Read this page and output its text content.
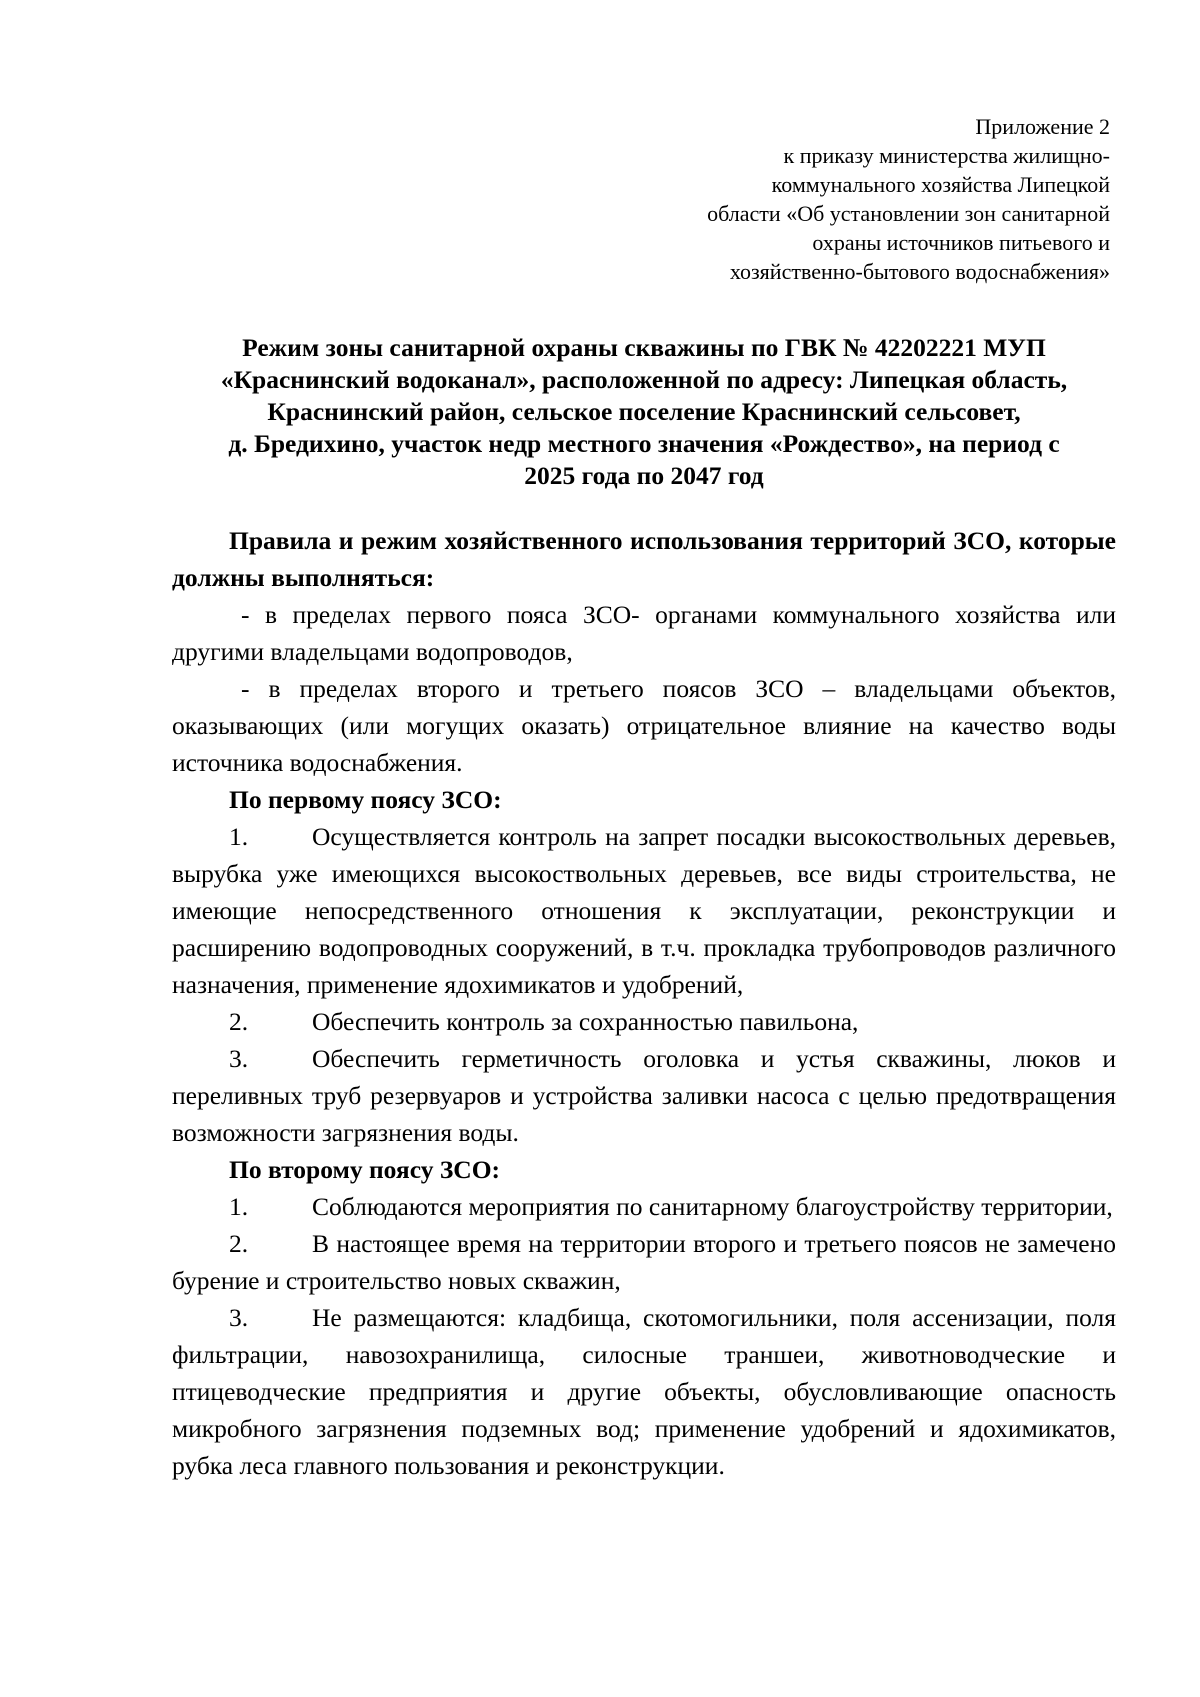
Приложение 2
к приказу министерства жилищно-
коммунального хозяйства Липецкой
области «Об установлении зон санитарной
охраны источников питьевого и
хозяйственно-бытового водоснабжения»
Режим зоны санитарной охраны скважины по ГВК № 42202221 МУП
«Краснинский водоканал», расположенной по адресу: Липецкая область,
Краснинский район, сельское поселение Краснинский сельсовет,
д. Бредихино, участок недр местного значения «Рождество», на период с
2025 года по 2047 год

Правила и режим хозяйственного использования территорий ЗСО, которые должны выполняться:

- в пределах первого пояса ЗСО- органами коммунального хозяйства или другими владельцами водопроводов,

- в пределах второго и третьего поясов ЗСО – владельцами объектов, оказывающих (или могущих оказать) отрицательное влияние на качество воды источника водоснабжения.

По первому поясу ЗСО:

1.	Осуществляется контроль на запрет посадки высокоствольных деревьев, вырубка уже имеющихся высокоствольных деревьев, все виды строительства, не имеющие непосредственного отношения к эксплуатации, реконструкции и расширению водопроводных сооружений, в т.ч. прокладка трубопроводов различного назначения, применение ядохимикатов и удобрений,

2.	Обеспечить контроль за сохранностью павильона,

3.	Обеспечить герметичность оголовка и устья скважины, люков и переливных труб резервуаров и устройства заливки насоса с целью предотвращения возможности загрязнения воды.

По второму поясу ЗСО:

1.	Соблюдаются мероприятия по санитарному благоустройству территории,

2.	В настоящее время на территории второго и третьего поясов не замечено бурение и строительство новых скважин,

3.	Не размещаются: кладбища, скотомогильники, поля ассенизации, поля фильтрации, навозохранилища, силосные траншеи, животноводческие и птицеводческие предприятия и другие объекты, обусловливающие опасность микробного загрязнения подземных вод; применение удобрений и ядохимикатов, рубка леса главного пользования и реконструкции.
